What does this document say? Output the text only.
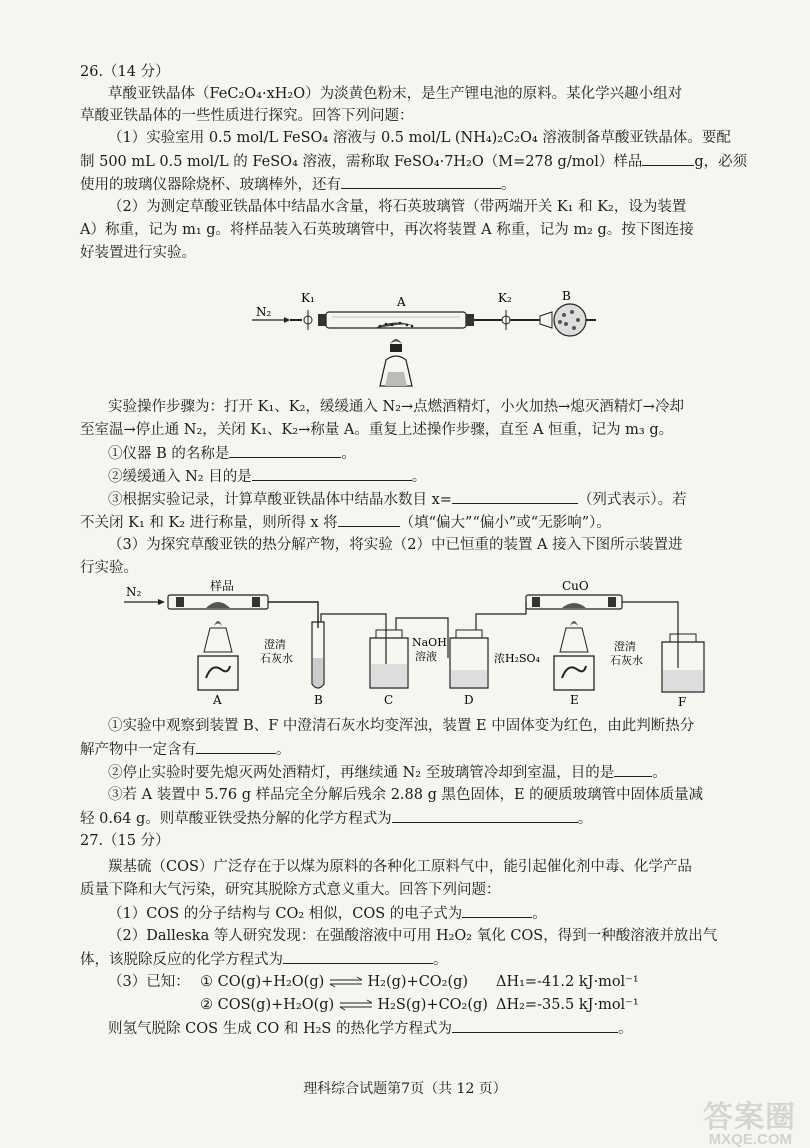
26.（14 分）
草酸亚铁晶体（FeC₂O₄·xH₂O）为淡黄色粉末，是生产锂电池的原料。某化学兴趣小组对
草酸亚铁晶体的一些性质进行探究。回答下列问题：
（1）实验室用 0.5 mol/L FeSO₄ 溶液与 0.5 mol/L (NH₄)₂C₂O₄ 溶液制备草酸亚铁晶体。要配
制 500 mL 0.5 mol/L 的 FeSO₄ 溶液，需称取 FeSO₄·7H₂O（M=278 g/mol）样品	g，必须
使用的玻璃仪器除烧杯、玻璃棒外，还有	。
（2）为测定草酸亚铁晶体中结晶水含量，将石英玻璃管（带两端开关 K₁ 和 K₂，设为装置
A）称重，记为 m₁ g。将样品装入石英玻璃管中，再次将装置 A 称重，记为 m₂ g。按下图连接
好装置进行实验。
N₂
K₁	A	K₂	B
实验操作步骤为：打开 K₁、K₂，缓缓通入 N₂→点燃酒精灯，小火加热→熄灭酒精灯→冷却
至室温→停止通 N₂，关闭 K₁、K₂→称量 A。重复上述操作步骤，直至 A 恒重，记为 m₃ g。
①仪器 B 的名称是	。
②缓缓通入 N₂ 目的是	。
③根据实验记录，计算草酸亚铁晶体中结晶水数目 x=	（列式表示）。若
不关闭 K₁ 和 K₂ 进行称量，则所得 x 将	（填“偏大”“偏小”或“无影响”）。
（3）为探究草酸亚铁的热分解产物，将实验（2）中已恒重的装置 A 接入下图所示装置进
行实验。
N₂	样品
A
澄清
石灰水
B
NaOH
溶液
C
浓H₂SO₄
D
CuO
E
澄清
石灰水
F
①实验中观察到装置 B、F 中澄清石灰水均变浑浊，装置 E 中固体变为红色，由此判断热分
解产物中一定含有	。
②停止实验时要先熄灭两处酒精灯，再继续通 N₂ 至玻璃管冷却到室温，目的是	。
③若 A 装置中 5.76 g 样品完全分解后残余 2.88 g 黑色固体，E 的硬质玻璃管中固体质量减
轻 0.64 g。则草酸亚铁受热分解的化学方程式为	。
27.（15 分）
羰基硫（COS）广泛存在于以煤为原料的各种化工原料气中，能引起催化剂中毒、化学产品
质量下降和大气污染，研究其脱除方式意义重大。回答下列问题：
（1）COS 的分子结构与 CO₂ 相似，COS 的电子式为	。
（2）Dalleska 等人研究发现：在强酸溶液中可用 H₂O₂ 氧化 COS，得到一种酸溶液并放出气
体，该脱除反应的化学方程式为	。
（3）已知： ① CO(g)+H₂O(g) ⇌ H₂(g)+CO₂(g) ΔH₁=-41.2 kJ·mol⁻¹
② COS(g)+H₂O(g) ⇌ H₂S(g)+CO₂(g) ΔH₂=-35.5 kJ·mol⁻¹
则氢气脱除 COS 生成 CO 和 H₂S 的热化学方程式为	。
理科综合试题第7页（共 12 页）
答案圈
MXQE.COM
